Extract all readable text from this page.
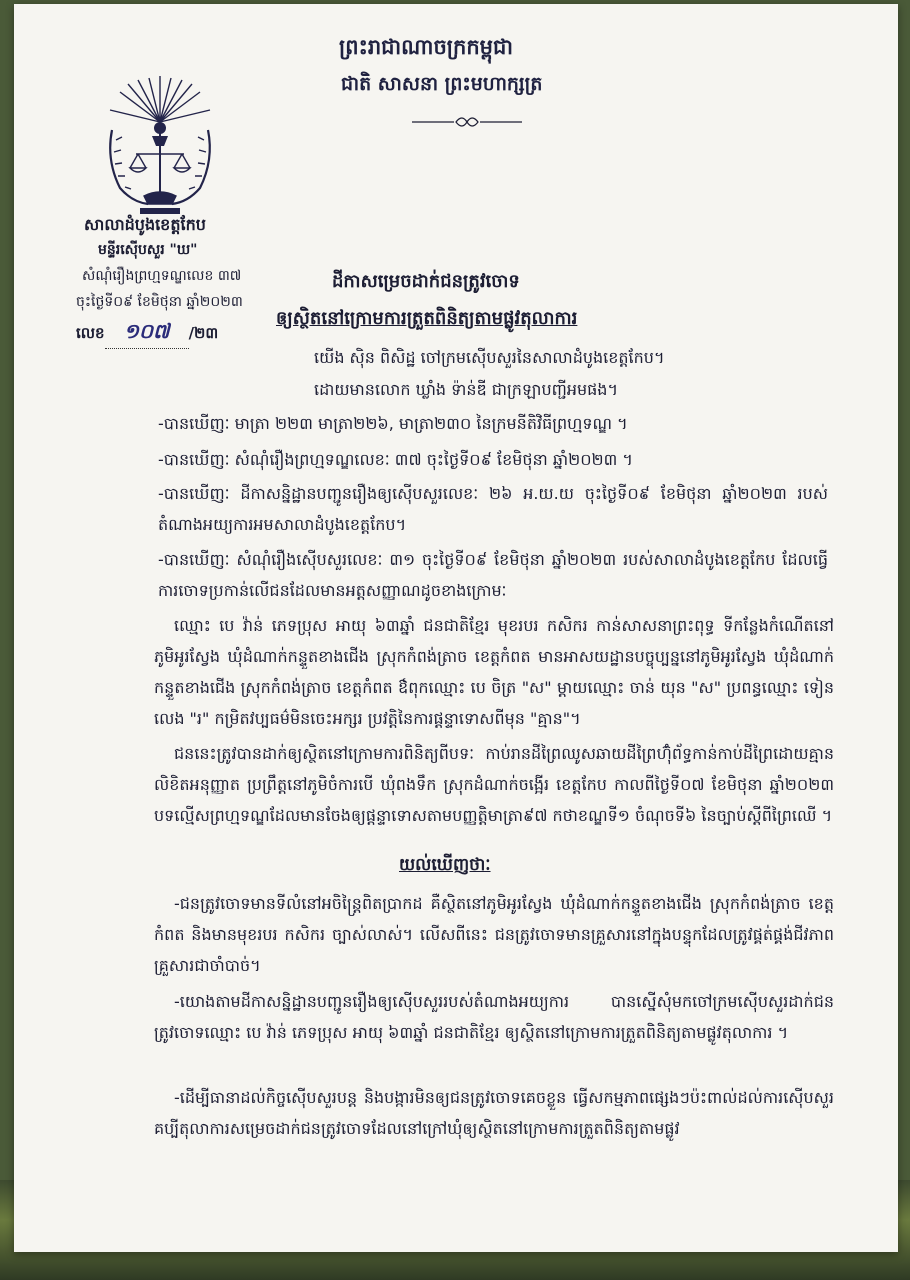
ព្រះរាជាណាចក្រកម្ពុជា
ជាតិ សាសនា ព្រះមហាក្សត្រ
សាលាដំបូងខេត្តកែប
មន្ទីរស៊ើបសួរ "ឃ"
សំណុំរឿងព្រហ្មទណ្ឌលេខ ៣៧
ចុះថ្ងៃទី០៩ ខែមិថុនា ឆ្នាំ២០២៣
លេខ ១០៧ /២៣
ដីកាសម្រេចដាក់ជនត្រូវចោទ
ឲ្យស្ថិតនៅក្រោមការត្រួតពិនិត្យតាមផ្លូវតុលាការ
យើង ស៊ិន ពិសិដ្ឋ ចៅក្រមស៊ើបសួរនៃសាលាដំបូងខេត្តកែប។
ដោយមានលោក ឃ្លាំង ទ៉ាន់ឌី ជាក្រឡាបញ្ជីអមផង។
-បានឃើញៈ មាត្រា ២២៣ មាត្រា២២៦, មាត្រា២៣០ នៃក្រមនីតិវិធីព្រហ្មទណ្ឌ ។
-បានឃើញៈ សំណុំរឿងព្រហ្មទណ្ឌលេខៈ ៣៧ ចុះថ្ងៃទី០៩ ខែមិថុនា ឆ្នាំ២០២៣ ។
-បានឃើញៈ ដីកាសន្និដ្ឋានបញ្ជូនរឿងឲ្យស៊ើបសួរលេខៈ ២៦ អ.យ.យ ចុះថ្ងៃទី០៩ ខែមិថុនា ឆ្នាំ២០២៣ របស់តំណាងអយ្យការអមសាលាដំបូងខេត្តកែប។
-បានឃើញៈ សំណុំរឿងស៊ើបសួរលេខៈ ៣១ ចុះថ្ងៃទី០៩ ខែមិថុនា ឆ្នាំ២០២៣ របស់សាលាដំបូងខេត្តកែប ដែលធ្វើការចោទប្រកាន់លើជនដែលមានអត្តសញ្ញាណដូចខាងក្រោមៈ
ឈ្មោះ បេ វ៉ាន់ ភេទប្រុស អាយុ ៦៣ឆ្នាំ ជនជាតិខ្មែរ មុខរបរ កសិករ កាន់សាសនាព្រះពុទ្ធ ទីកន្លែងកំណើតនៅភូមិអូរស្វែង ឃុំដំណាក់កន្ទួតខាងជើង ស្រុកកំពង់ត្រាច ខេត្តកំពត មានអាសយដ្ឋានបច្ចុប្បន្ននៅភូមិអូរស្វែង ឃុំដំណាក់កន្ទួតខាងជើង ស្រុកកំពង់ត្រាច ខេត្តកំពត ឳពុកឈ្មោះ បេ ចិត្រ "ស" ម្តាយឈ្មោះ ចាន់ យុន "ស" ប្រពន្ធឈ្មោះ ទៀន លេង "រ" កម្រិតវប្បធម៌មិនចេះអក្សរ ប្រវត្តិនៃការផ្តន្ទាទោសពីមុន "គ្មាន"។
ជននេះត្រូវបានដាក់ឲ្យស្ថិតនៅក្រោមការពិនិត្យពីបទៈ កាប់រានដីព្រៃឈូសឆាយដីព្រៃហ៊ុំព័ទ្ធកាន់កាប់ដីព្រៃដោយគ្មានលិខិតអនុញ្ញាត ប្រព្រឹត្តនៅភូមិចំការបើ ឃុំពងទឹក ស្រុកដំណាក់ចង្អើរ ខេត្តកែប កាលពីថ្ងៃទី០៧ ខែមិថុនា ឆ្នាំ២០២៣ បទល្មើសព្រហ្មទណ្ឌដែលមានចែងឲ្យផ្តន្ទាទោសតាមបញ្ញត្តិមាត្រា៩៧ កថាខណ្ឌទី១ ចំណុចទី៦ នៃច្បាប់ស្តីពីព្រៃឈើ ។
យល់ឃើញថាៈ
-ជនត្រូវចោទមានទីលំនៅអចិន្ត្រៃពិតប្រាកដ គឺស្ថិតនៅភូមិអូរស្វែង ឃុំដំណាក់កន្ទួតខាងជើង ស្រុកកំពង់ត្រាច ខេត្តកំពត និងមានមុខរបរ កសិករ ច្បាស់លាស់។ លើសពីនេះ ជនត្រូវចោទមានគ្រួសារនៅក្នុងបន្ទុកដែលត្រូវផ្គត់ផ្គង់ជីវភាពគ្រួសារជាចាំបាច់។
-យោងតាមដីកាសន្និដ្ឋានបញ្ជូនរឿងឲ្យស៊ើបសួររបស់តំណាងអយ្យការ បានស្នើសុំមកចៅក្រមស៊ើបសួរដាក់ជនត្រូវចោទឈ្មោះ បេ វ៉ាន់ ភេទប្រុស អាយុ ៦៣ឆ្នាំ ជនជាតិខ្មែរ ឲ្យស្ថិតនៅក្រោមការត្រួតពិនិត្យតាមផ្លូវតុលាការ ។
-ដើម្បីធានាដល់កិច្ចស៊ើបសួរបន្ត និងបង្ការមិនឲ្យជនត្រូវចោទគេចខ្លួន ធ្វើសកម្មភាពផ្សេងៗប៉ះពាល់ដល់ការស៊ើបសួរ គប្បីតុលាការសម្រេចដាក់ជនត្រូវចោទដែលនៅក្រៅឃុំឲ្យស្ថិតនៅក្រោមការត្រួតពិនិត្យតាមផ្លូវ
